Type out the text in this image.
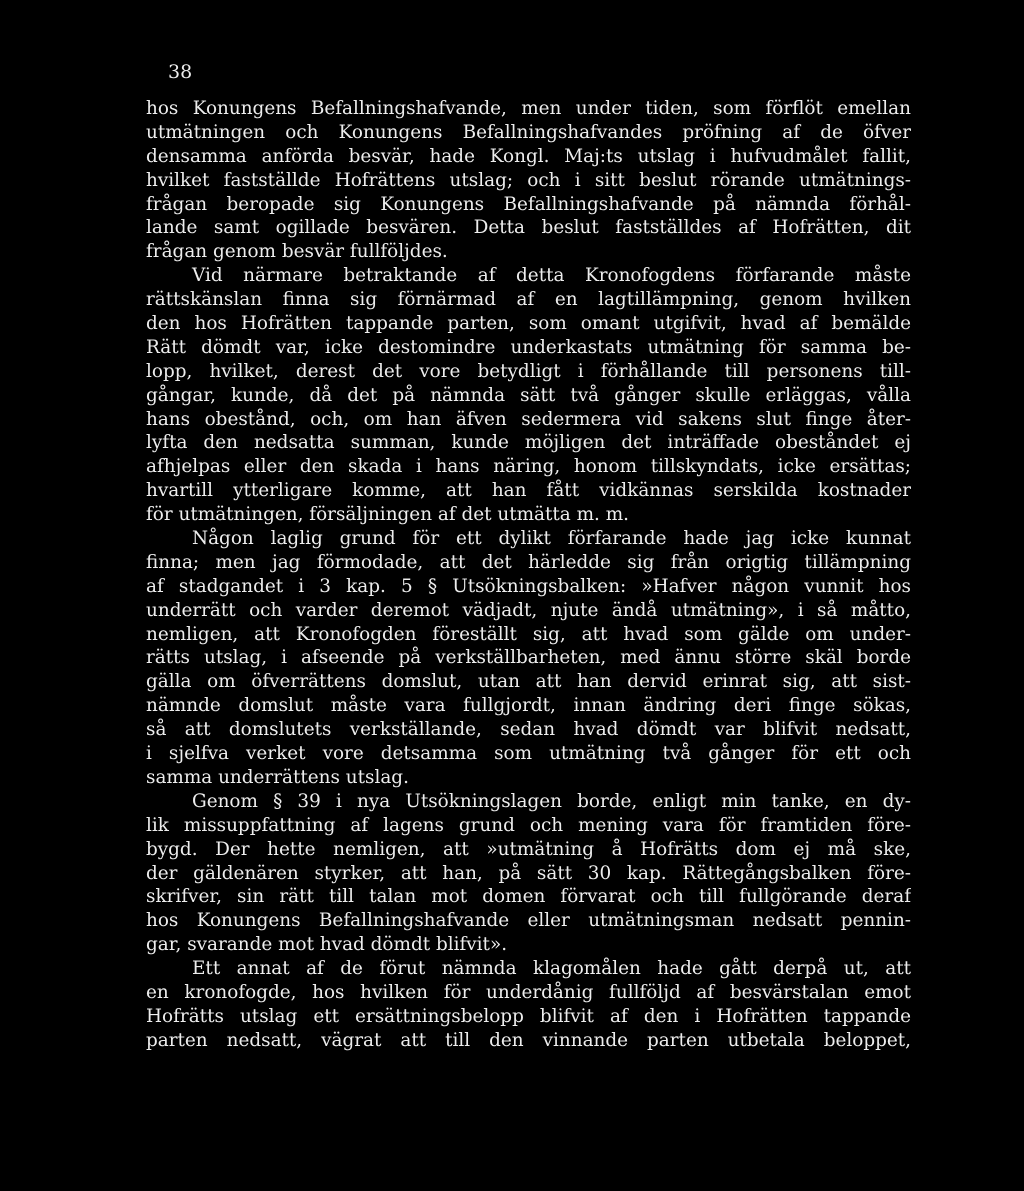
38
hos Konungens Befallningshafvande, men under tiden, som förflöt emellan
utmätningen och Konungens Befallningshafvandes pröfning af de öfver
densamma anförda besvär, hade Kongl. Maj:ts utslag i hufvudmålet fallit,
hvilket fastställde Hofrättens utslag; och i sitt beslut rörande utmätnings-
frågan beropade sig Konungens Befallningshafvande på nämnda förhål-
lande samt ogillade besvären. Detta beslut fastställdes af Hofrätten, dit
frågan genom besvär fullföljdes.
Vid närmare betraktande af detta Kronofogdens förfarande måste
rättskänslan finna sig förnärmad af en lagtillämpning, genom hvilken
den hos Hofrätten tappande parten, som omant utgifvit, hvad af bemälde
Rätt dömdt var, icke destomindre underkastats utmätning för samma be-
lopp, hvilket, derest det vore betydligt i förhållande till personens till-
gångar, kunde, då det på nämnda sätt två gånger skulle erläggas, vålla
hans obestånd, och, om han äfven sedermera vid sakens slut finge åter-
lyfta den nedsatta summan, kunde möjligen det inträffade obeståndet ej
afhjelpas eller den skada i hans näring, honom tillskyndats, icke ersättas;
hvartill ytterligare komme, att han fått vidkännas serskilda kostnader
för utmätningen, försäljningen af det utmätta m. m.
Någon laglig grund för ett dylikt förfarande hade jag icke kunnat
finna; men jag förmodade, att det härledde sig från origtig tillämpning
af stadgandet i 3 kap. 5 § Utsökningsbalken: »Hafver någon vunnit hos
underrätt och varder deremot vädjadt, njute ändå utmätning», i så måtto,
nemligen, att Kronofogden föreställt sig, att hvad som gälde om under-
rätts utslag, i afseende på verkställbarheten, med ännu större skäl borde
gälla om öfverrättens domslut, utan att han dervid erinrat sig, att sist-
nämnde domslut måste vara fullgjordt, innan ändring deri finge sökas,
så att domslutets verkställande, sedan hvad dömdt var blifvit nedsatt,
i sjelfva verket vore detsamma som utmätning två gånger för ett och
samma underrättens utslag.
Genom § 39 i nya Utsökningslagen borde, enligt min tanke, en dy-
lik missuppfattning af lagens grund och mening vara för framtiden före-
bygd. Der hette nemligen, att »utmätning å Hofrätts dom ej må ske,
der gäldenären styrker, att han, på sätt 30 kap. Rättegångsbalken före-
skrifver, sin rätt till talan mot domen förvarat och till fullgörande deraf
hos Konungens Befallningshafvande eller utmätningsman nedsatt pennin-
gar, svarande mot hvad dömdt blifvit».
Ett annat af de förut nämnda klagomålen hade gått derpå ut, att
en kronofogde, hos hvilken för underdånig fullföljd af besvärstalan emot
Hofrätts utslag ett ersättningsbelopp blifvit af den i Hofrätten tappande
parten nedsatt, vägrat att till den vinnande parten utbetala beloppet,
